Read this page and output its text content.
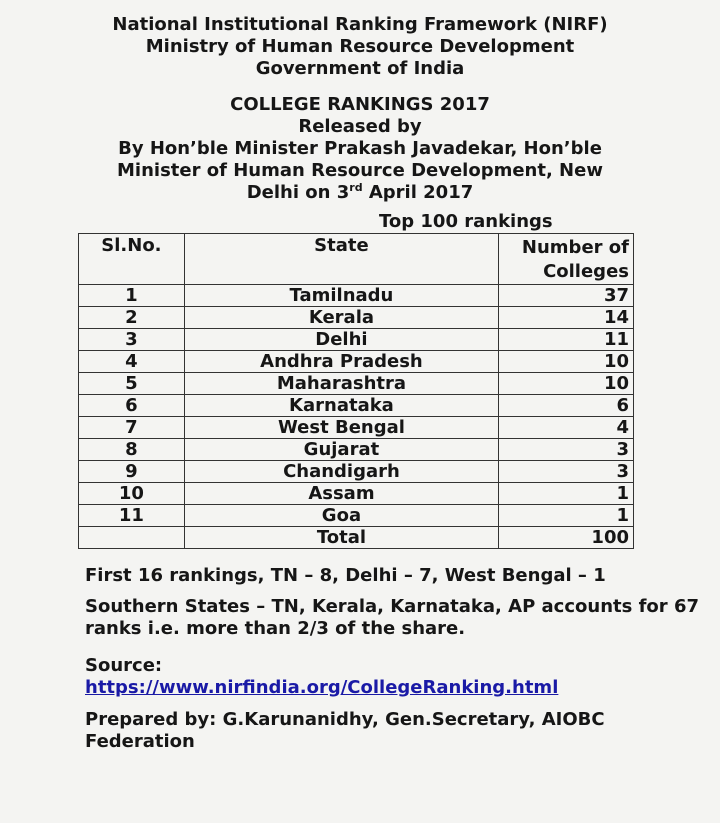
National Institutional Ranking Framework (NIRF)
Ministry of Human Resource Development
Government of India
COLLEGE RANKINGS 2017
Released by
By Hon’ble Minister Prakash Javadekar, Hon’ble
Minister of Human Resource Development, New
Delhi on 3rd April 2017
Top 100 rankings
Sl.No.	State	Number of
Colleges
1	Tamilnadu	37
2	Kerala	14
3	Delhi	11
4	Andhra Pradesh	10
5	Maharashtra	10
6	Karnataka	6
7	West Bengal	4
8	Gujarat	3
9	Chandigarh	3
10	Assam	1
11	Goa	1
	Total	100

First 16 rankings, TN – 8, Delhi – 7, West Bengal – 1

Southern States – TN, Kerala, Karnataka, AP accounts for 67 ranks i.e. more than 2/3 of the share.

Source:

https://www.nirfindia.org/CollegeRanking.html

Prepared by: G.Karunanidhy, Gen.Secretary, AIOBC Federation
